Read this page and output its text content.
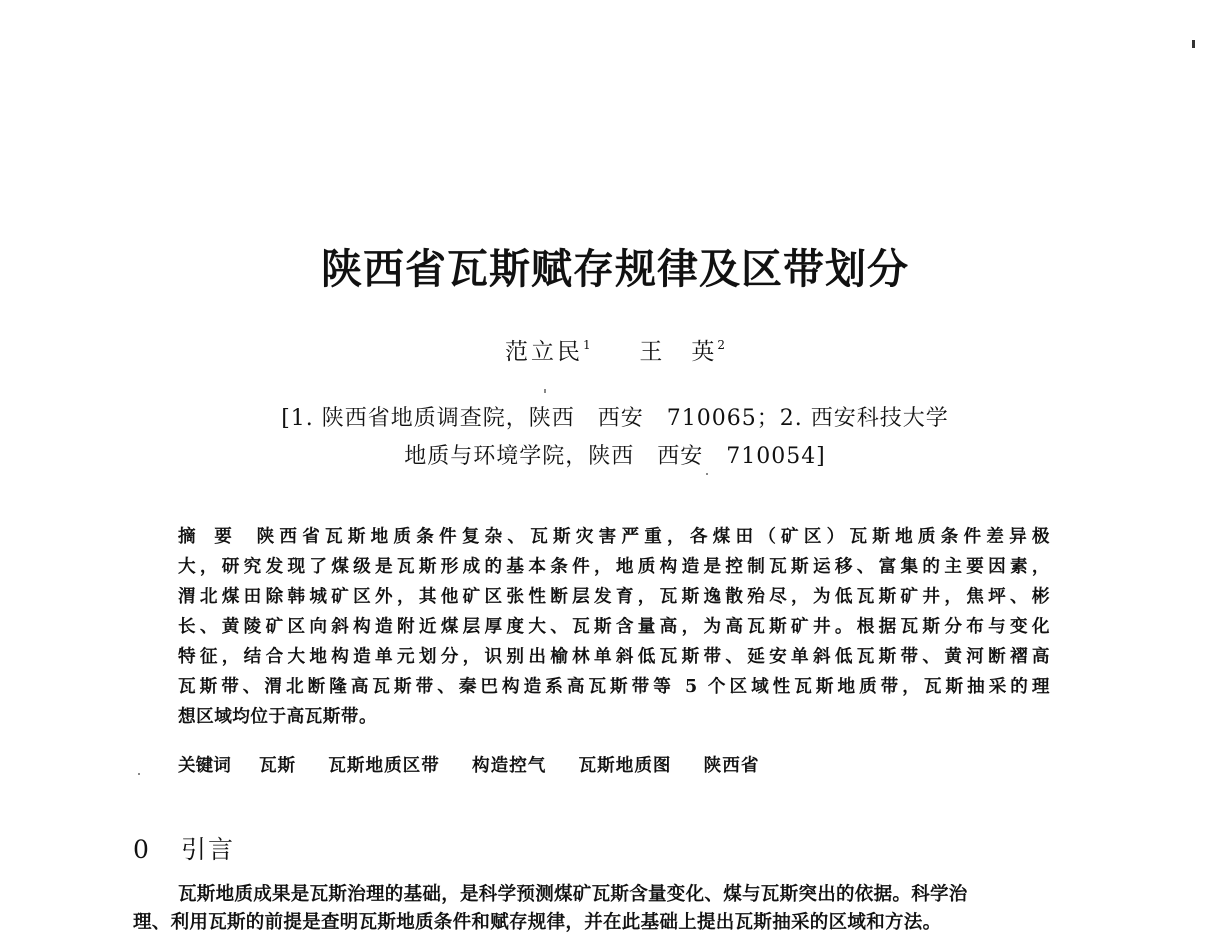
陕西省瓦斯赋存规律及区带划分
范立民$^1$ 王　英$^2$
[1. 陕西省地质调查院，陕西　西安　710065；2. 西安科技大学
地质与环境学院，陕西　西安　710054]
摘要 陕西省瓦斯地质条件复杂、瓦斯灾害严重，各煤田（矿区）瓦斯地质条件差异极
大，研究发现了煤级是瓦斯形成的基本条件，地质构造是控制瓦斯运移、富集的主要因素，
渭北煤田除韩城矿区外，其他矿区张性断层发育，瓦斯逸散殆尽，为低瓦斯矿井，焦坪、彬
长、黄陵矿区向斜构造附近煤层厚度大、瓦斯含量高，为高瓦斯矿井。根据瓦斯分布与变化
特征，结合大地构造单元划分，识别出榆林单斜低瓦斯带、延安单斜低瓦斯带、黄河断褶高
瓦斯带、渭北断隆高瓦斯带、秦巴构造系高瓦斯带等 5 个区域性瓦斯地质带，瓦斯抽采的理
想区域均位于高瓦斯带。
关键词 瓦斯 瓦斯地质区带 构造控气 瓦斯地质图 陕西省
0 引言
瓦斯地质成果是瓦斯治理的基础，是科学预测煤矿瓦斯含量变化、煤与瓦斯突出的依据。科学治
理、利用瓦斯的前提是查明瓦斯地质条件和赋存规律，并在此基础上提出瓦斯抽采的区域和方法。
